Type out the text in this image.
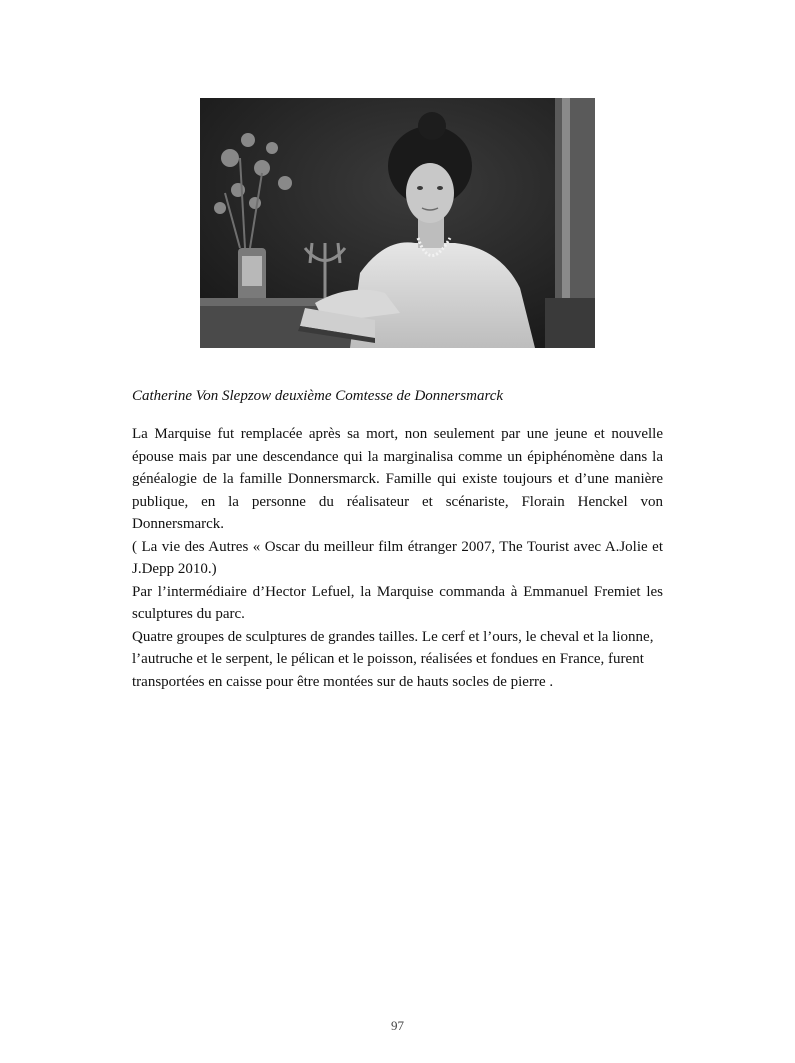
Catherine Von Slepzow deuxième Comtesse de Donnersmarck

La Marquise fut remplacée après sa mort, non seulement par une jeune et nouvelle épouse mais par une descendance qui la marginalisa comme un épiphénomène dans la généalogie de la famille Donnersmarck. Famille qui existe toujours et d’une manière publique, en la personne du réalisateur et scénariste, Florain Henckel von Donnersmarck.

( La vie des Autres « Oscar du meilleur film étranger 2007, The Tourist avec A.Jolie et J.Depp 2010.)

Par l’intermédiaire d’Hector Lefuel, la Marquise commanda à Emmanuel Fremiet les sculptures du parc.

Quatre groupes de sculptures de grandes tailles. Le cerf et l’ours, le cheval et la lionne, l’autruche et le serpent, le pélican et le poisson, réalisées et fondues en France, furent transportées en caisse pour être montées sur de hauts socles de pierre .

97
